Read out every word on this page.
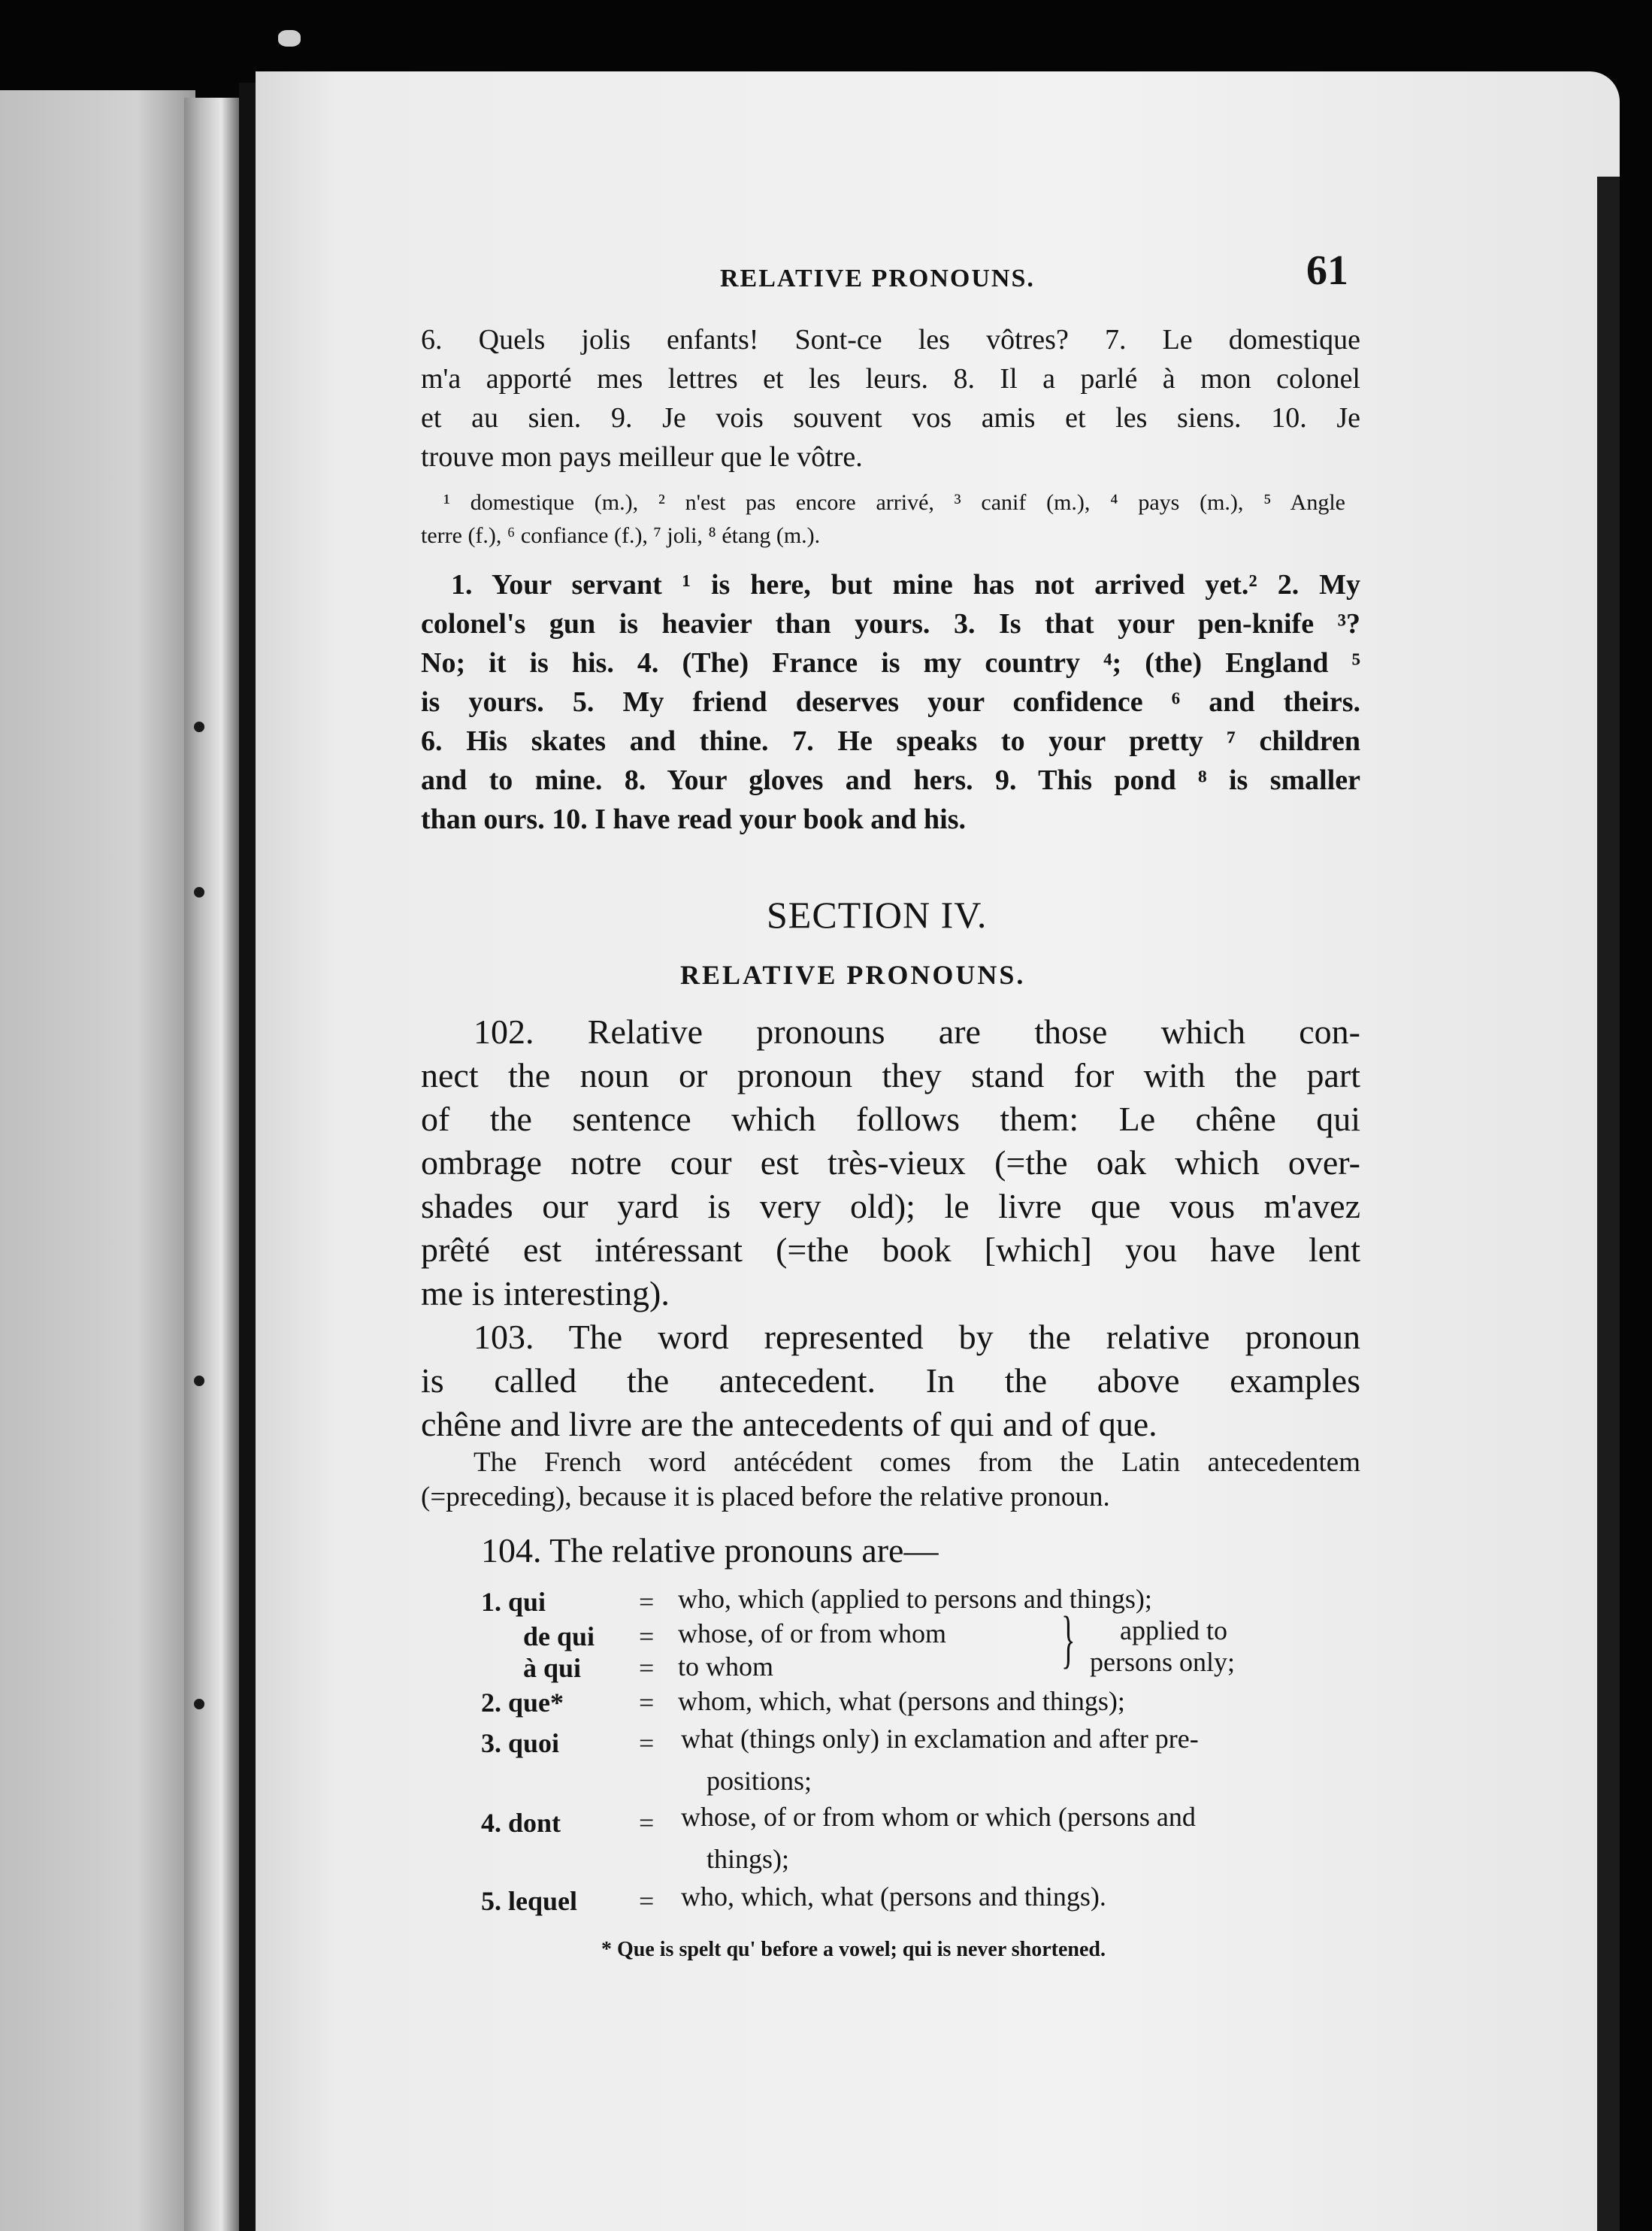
RELATIVE PRONOUNS.	61
6. Quels jolis enfants! Sont-ce les vôtres? 7. Le domestique
m'a apporté mes lettres et les leurs. 8. Il a parlé à mon colonel
et au sien. 9. Je vois souvent vos amis et les siens. 10. Je
trouve mon pays meilleur que le vôtre.
¹ domestique (m.), ² n'est pas encore arrivé, ³ canif (m.), ⁴ pays (m.), ⁵ Angle
terre (f.), ⁶ confiance (f.), ⁷ joli, ⁸ étang (m.).
1. Your servant ¹ is here, but mine has not arrived yet.² 2. My
colonel's gun is heavier than yours. 3. Is that your pen-knife ³?
No; it is his. 4. (The) France is my country ⁴; (the) England ⁵
is yours. 5. My friend deserves your confidence ⁶ and theirs.
6. His skates and thine. 7. He speaks to your pretty ⁷ children
and to mine. 8. Your gloves and hers. 9. This pond ⁸ is smaller
than ours. 10. I have read your book and his.
SECTION IV.
RELATIVE PRONOUNS.
102. Relative pronouns are those which con-
nect the noun or pronoun they stand for with the part
of the sentence which follows them: Le chêne qui
ombrage notre cour est très-vieux (=the oak which over-
shades our yard is very old); le livre que vous m'avez
prêté est intéressant (=the book [which] you have lent
me is interesting).
103. The word represented by the relative pronoun
is called the antecedent. In the above examples
chêne and livre are the antecedents of qui and of que.
The French word antécédent comes from the Latin antecedentem
(=preceding), because it is placed before the relative pronoun.
104. The relative pronouns are—
1. qui	= who, which (applied to persons and things);
de qui = whose, of or from whom
à qui = to whom	} applied to
persons only;
2. que*	= whom, which, what (persons and things);
3. quoi	= what (things only) in exclamation and after pre-
positions;
4. dont	= whose, of or from whom or which (persons and
things);
5. lequel = who, which, what (persons and things).
* Que is spelt qu' before a vowel; qui is never shortened.
